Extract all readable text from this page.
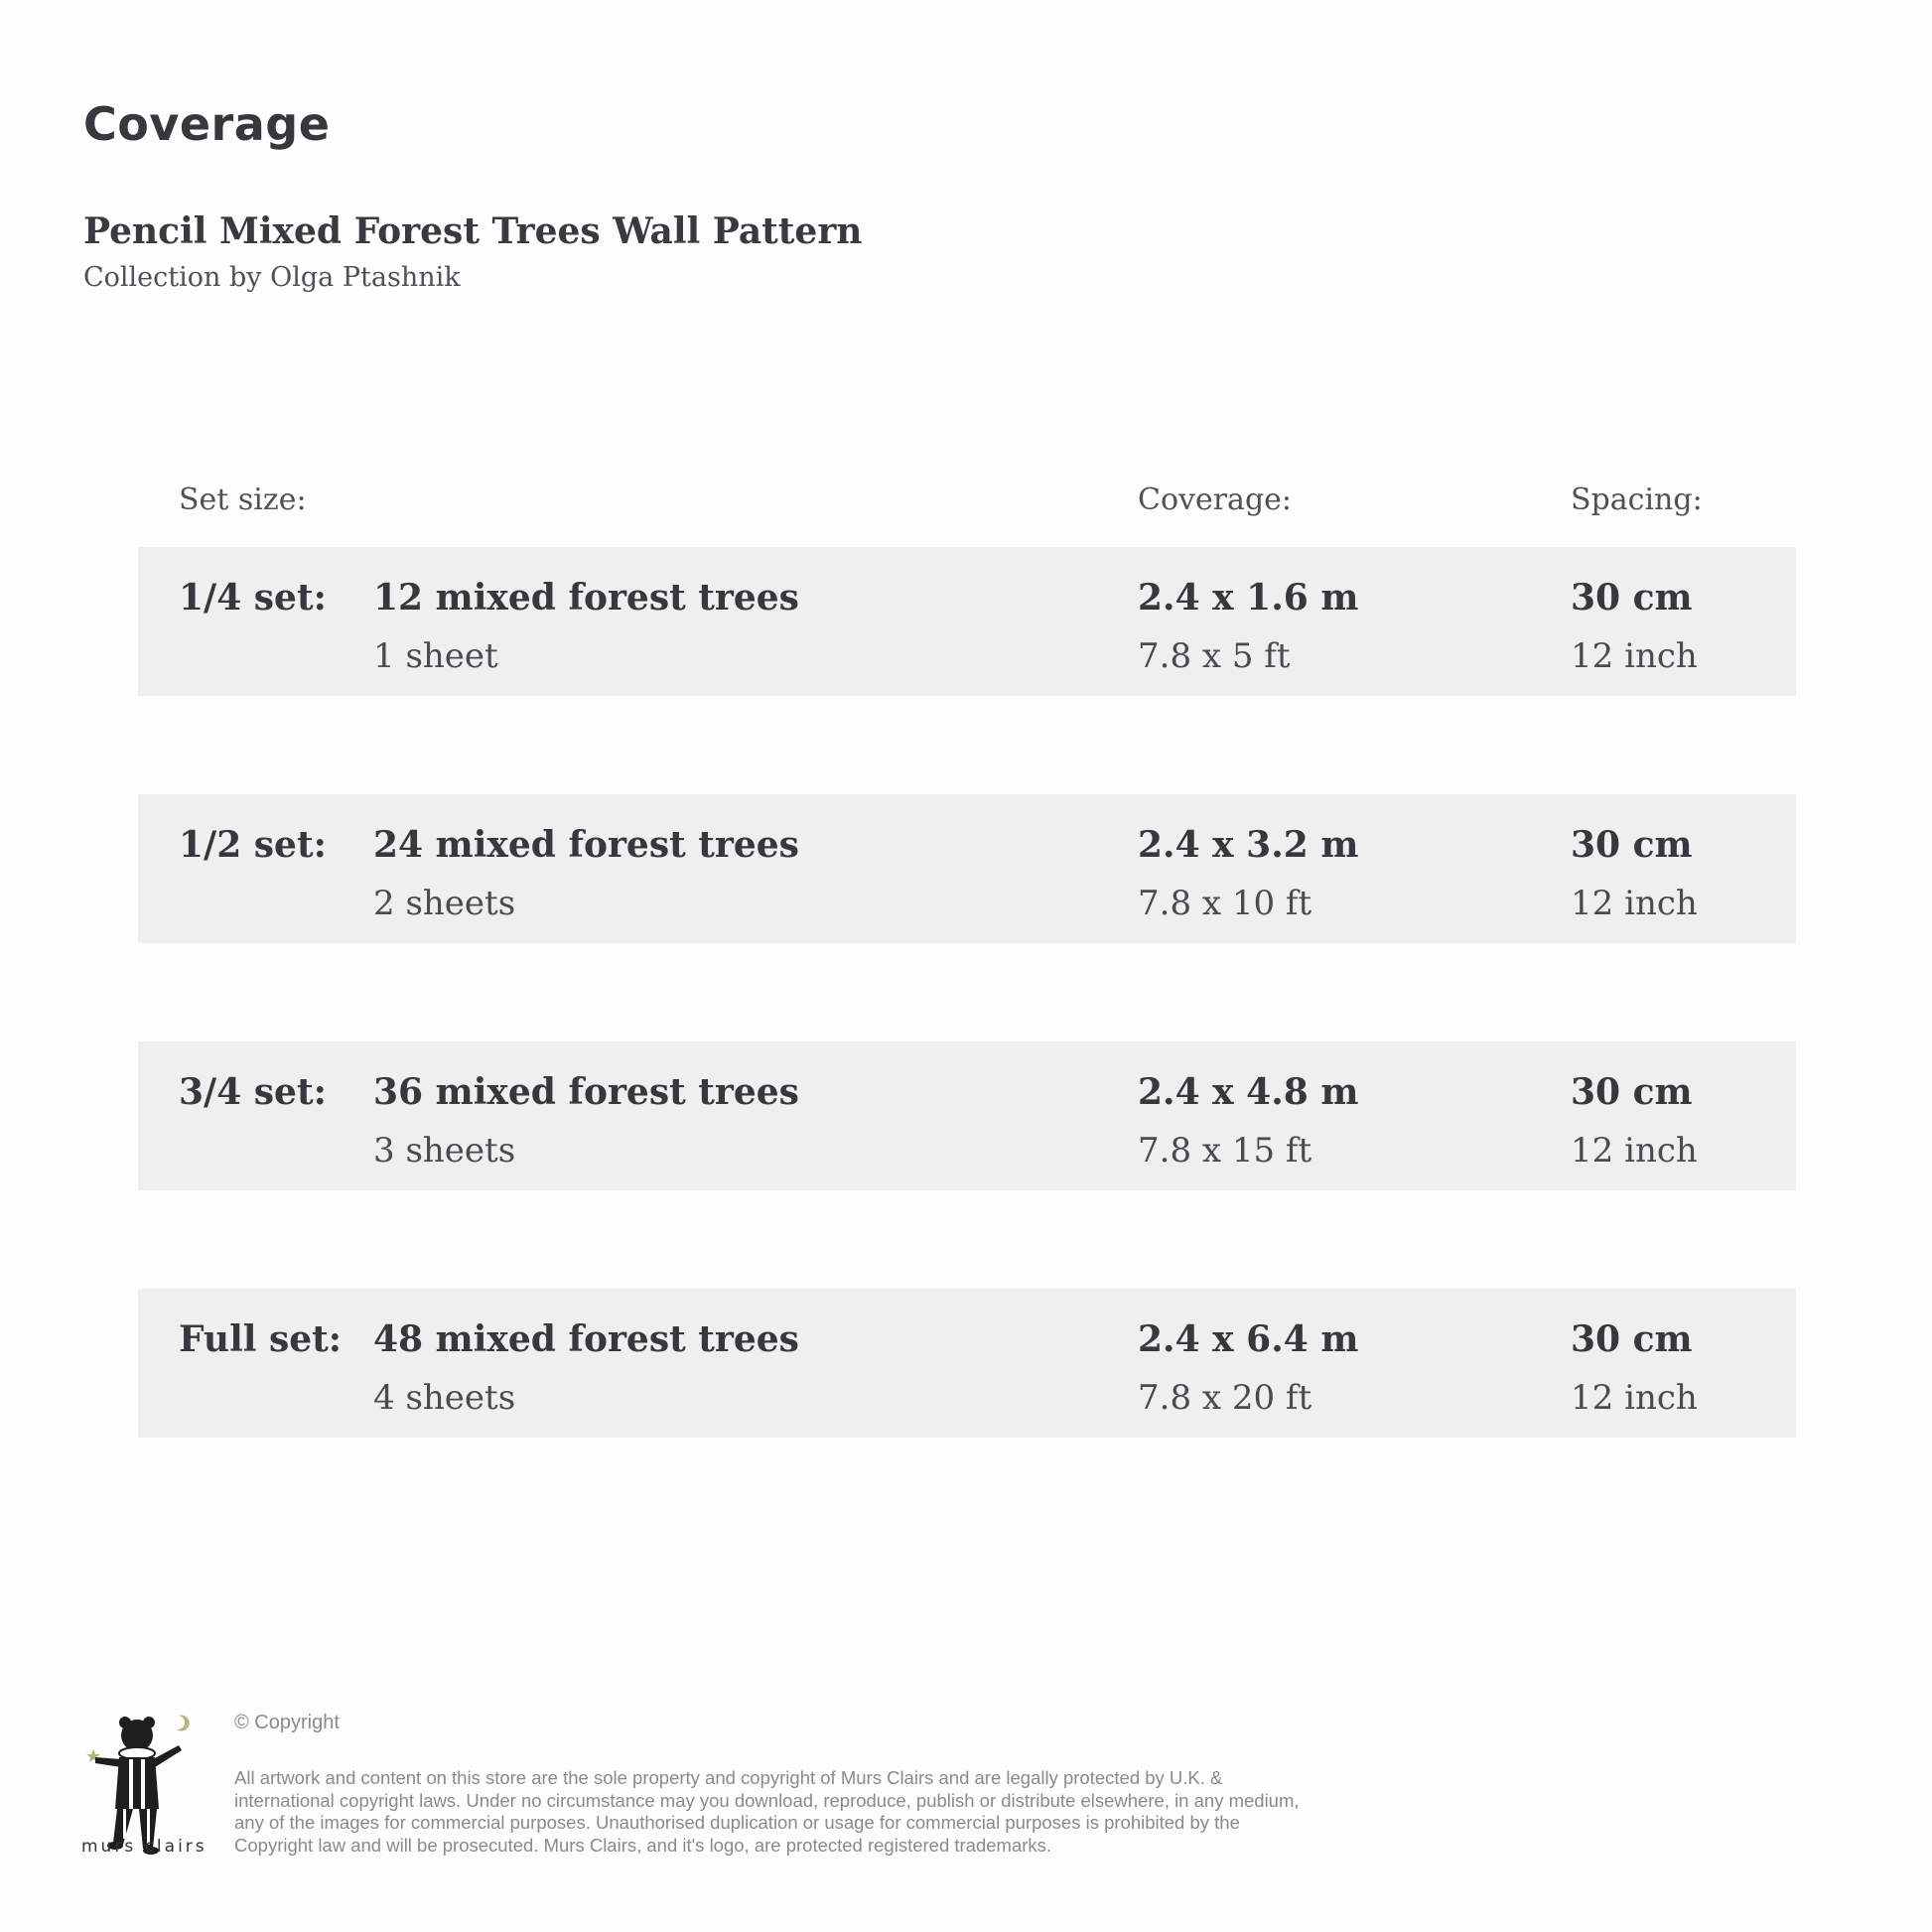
Coverage
Pencil Mixed Forest Trees Wall Pattern
Collection by Olga Ptashnik
Set size:	Coverage:	Spacing:
1/4 set: 12 mixed forest trees
1 sheet
2.4 x 1.6 m
7.8 x 5 ft
30 cm
12 inch
1/2 set: 24 mixed forest trees
2 sheets
2.4 x 3.2 m
7.8 x 10 ft
30 cm
12 inch
3/4 set: 36 mixed forest trees
3 sheets
2.4 x 4.8 m
7.8 x 15 ft
30 cm
12 inch
Full set: 48 mixed forest trees
4 sheets
2.4 x 6.4 m
7.8 x 20 ft
30 cm
12 inch
murs clairs
© Copyright
All artwork and content on this store are the sole property and copyright of Murs Clairs and are legally protected by U.K. & international copyright laws. Under no circumstance may you download, reproduce, publish or distribute elsewhere, in any medium, any of the images for commercial purposes. Unauthorised duplication or usage for commercial purposes is prohibited by the Copyright law and will be prosecuted. Murs Clairs, and it's logo, are protected registered trademarks.
